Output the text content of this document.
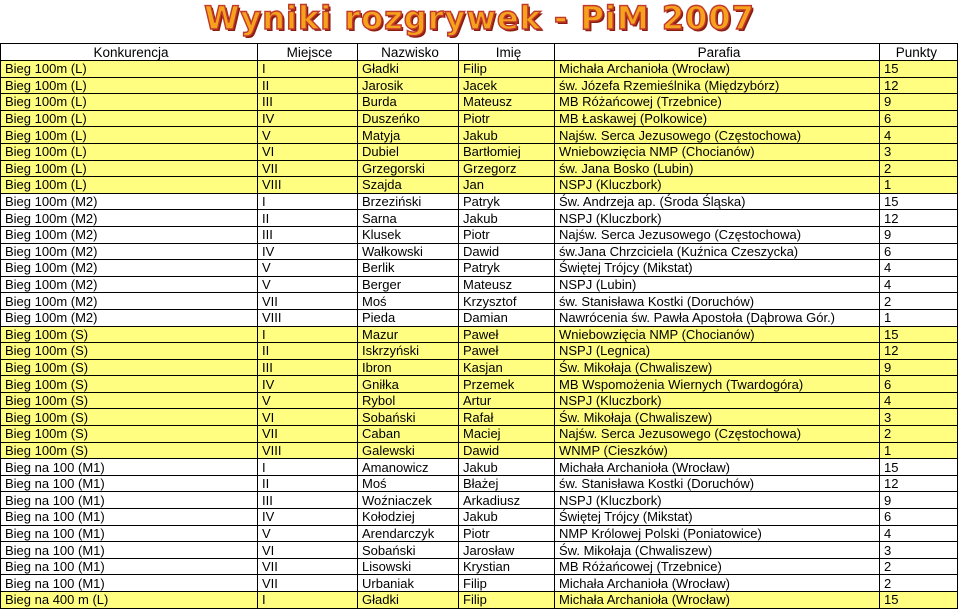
Wyniki rozgrywek - PiM 2007
Konkurencja	Miejsce	Nazwisko	Imię	Parafia	Punkty
Bieg 100m (L)	I	Gładki	Filip	Michała Archanioła (Wrocław)	15
Bieg 100m (L)	II	Jarosik	Jacek	św. Józefa Rzemieślnika (Międzybórz)	12
Bieg 100m (L)	III	Burda	Mateusz	MB Różańcowej (Trzebnice)	9
Bieg 100m (L)	IV	Duszeńko	Piotr	MB Łaskawej (Polkowice)	6
Bieg 100m (L)	V	Matyja	Jakub	Najśw. Serca Jezusowego (Częstochowa)	4
Bieg 100m (L)	VI	Dubiel	Bartłomiej	Wniebowzięcia NMP (Chocianów)	3
Bieg 100m (L)	VII	Grzegorski	Grzegorz	św. Jana Bosko (Lubin)	2
Bieg 100m (L)	VIII	Szajda	Jan	NSPJ (Kluczbork)	1
Bieg 100m (M2)	I	Brzeziński	Patryk	Św. Andrzeja ap. (Środa Śląska)	15
Bieg 100m (M2)	II	Sarna	Jakub	NSPJ (Kluczbork)	12
Bieg 100m (M2)	III	Klusek	Piotr	Najśw. Serca Jezusowego (Częstochowa)	9
Bieg 100m (M2)	IV	Wałkowski	Dawid	św.Jana Chrzciciela (Kuźnica Czeszycka)	6
Bieg 100m (M2)	V	Berlik	Patryk	Świętej Trójcy (Mikstat)	4
Bieg 100m (M2)	V	Berger	Mateusz	NSPJ (Lubin)	4
Bieg 100m (M2)	VII	Moś	Krzysztof	św. Stanisława Kostki (Doruchów)	2
Bieg 100m (M2)	VIII	Pieda	Damian	Nawrócenia św. Pawła Apostoła (Dąbrowa Gór.)	1
Bieg 100m (S)	I	Mazur	Paweł	Wniebowzięcia NMP (Chocianów)	15
Bieg 100m (S)	II	Iskrzyński	Paweł	NSPJ (Legnica)	12
Bieg 100m (S)	III	Ibron	Kasjan	Św. Mikołaja (Chwaliszew)	9
Bieg 100m (S)	IV	Gniłka	Przemek	MB Wspomożenia Wiernych (Twardogóra)	6
Bieg 100m (S)	V	Rybol	Artur	NSPJ (Kluczbork)	4
Bieg 100m (S)	VI	Sobański	Rafał	Św. Mikołaja (Chwaliszew)	3
Bieg 100m (S)	VII	Caban	Maciej	Najśw. Serca Jezusowego (Częstochowa)	2
Bieg 100m (S)	VIII	Galewski	Dawid	WNMP (Cieszków)	1
Bieg na 100 (M1)	I	Amanowicz	Jakub	Michała Archanioła (Wrocław)	15
Bieg na 100 (M1)	II	Moś	Błażej	św. Stanisława Kostki (Doruchów)	12
Bieg na 100 (M1)	III	Woźniaczek	Arkadiusz	NSPJ (Kluczbork)	9
Bieg na 100 (M1)	IV	Kołodziej	Jakub	Świętej Trójcy (Mikstat)	6
Bieg na 100 (M1)	V	Arendarczyk	Piotr	NMP Królowej Polski (Poniatowice)	4
Bieg na 100 (M1)	VI	Sobański	Jarosław	Św. Mikołaja (Chwaliszew)	3
Bieg na 100 (M1)	VII	Lisowski	Krystian	MB Różańcowej (Trzebnice)	2
Bieg na 100 (M1)	VII	Urbaniak	Filip	Michała Archanioła (Wrocław)	2
Bieg na 400 m (L)	I	Gładki	Filip	Michała Archanioła (Wrocław)	15
